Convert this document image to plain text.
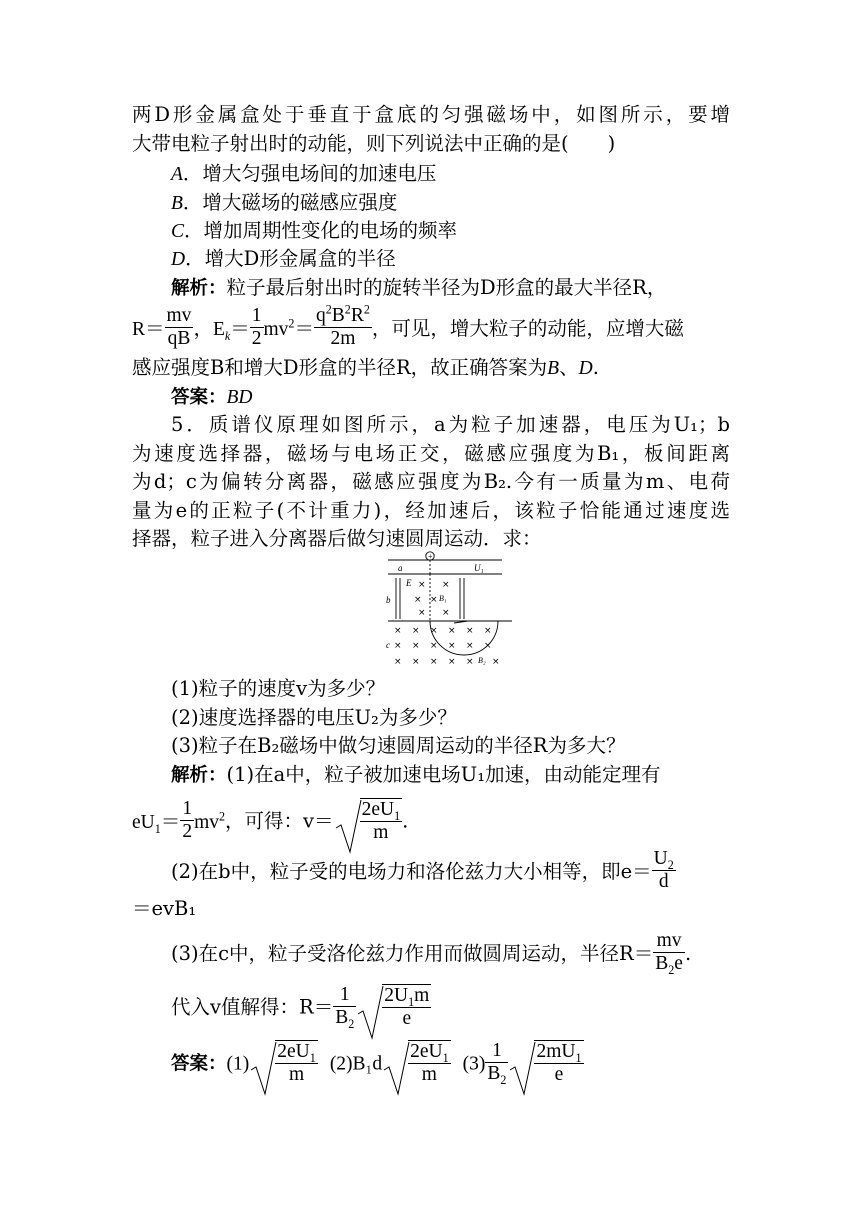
两D形金属盒处于垂直于盒底的匀强磁场中，如图所示，要增
大带电粒子射出时的动能，则下列说法中正确的是(　　)
A．增大匀强电场间的加速电压
B．增大磁场的磁感应强度
C．增加周期性变化的电场的频率
D．增大D形金属盒的半径
解析：粒子最后射出时的旋转半径为D形盒的最大半径R，
$R= \frac{mv}{qB}$ ，$E_k= \frac{1}{2} mv^2= \frac{q^2B^2R^2}{2m}$ ，可见，增大粒子的动能，应增大磁
感应强度B和增大D形盒的半径R，故正确答案为B、D.
答案：BD
5．质谱仪原理如图所示，a为粒子加速器，电压为U₁；b
为速度选择器，磁场与电场正交，磁感应强度为B₁，板间距离
为d；c为偏转分离器，磁感应强度为B₂.今有一质量为m、电荷
量为e的正粒子(不计重力)，经加速后，该粒子恰能通过速度选
择器，粒子进入分离器后做匀速圆周运动．求：
+
a	U₁
b
E
B₁
c
B₂
× ×
× ×
× ×
× × × × × ×
× × × × × ×
× × × × × ×
(1)粒子的速度v为多少？
(2)速度选择器的电压U₂为多少？
(3)粒子在B₂磁场中做匀速圆周运动的半径R为多大？
解析：(1)在a中，粒子被加速电场U₁加速，由动能定理有
$eU_1= \frac{1}{2} mv^2$，可得：$v= \frac{2eU_1}{m}$ .
(2)在b中，粒子受的电场力和洛伦兹力大小相等，即$e= \frac{U_2}{d}$
＝evB₁
(3)在c中，粒子受洛伦兹力作用而做圆周运动，半径$R= \frac{mv}{B_2e}$ .
代入v值解得：$R= \frac{1}{B_2} \frac{2U_1m}{e}$
答案：$(1) \frac{2eU_1}{m} (2)B_1d \frac{2eU_1}{m} (3) \frac{1}{B_2} \frac{2mU_1}{e}$
